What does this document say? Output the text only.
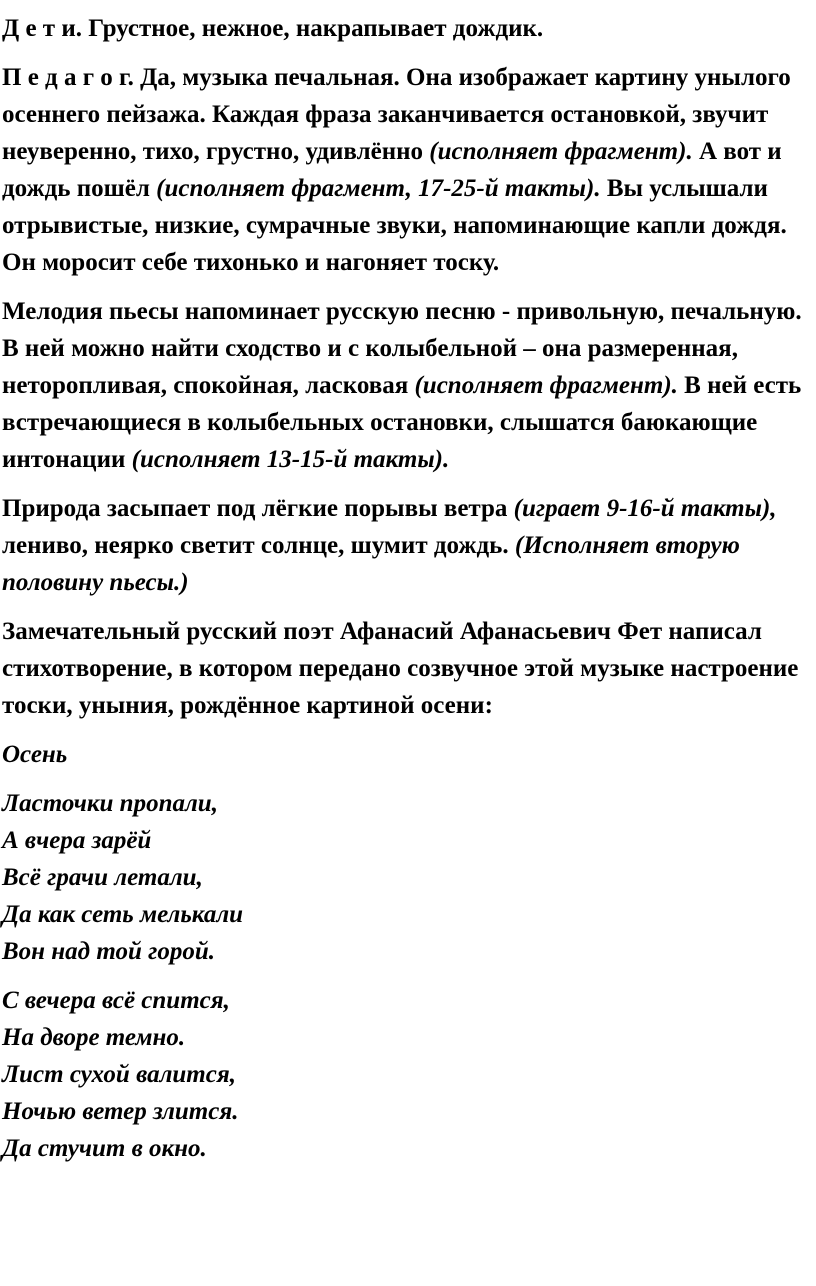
Д е т и. Грустное, нежное, накрапывает дождик.

П е д а г о г. Да, музыка печальная. Она изображает картину унылого осеннего пейзажа. Каждая фраза заканчивается остановкой, звучит неуверенно, тихо, грустно, удивлённо (исполняет фрагмент). А вот и дождь пошёл (исполняет фрагмент, 17-25-й такты). Вы услышали отрывистые, низкие, сумрачные звуки, напоминающие капли дождя. Он моросит себе тихонько и нагоняет тоску.

Мелодия пьесы напоминает русскую песню - привольную, печальную. В ней можно найти сходство и с колыбельной – она размеренная, неторопливая, спокойная, ласковая (исполняет фрагмент). В ней есть встречающиеся в колыбельных остановки, слышатся баюкающие интонации (исполняет 13-15-й такты).

Природа засыпает под лёгкие порывы ветра (играет 9-16-й такты), лениво, неярко светит солнце, шумит дождь. (Исполняет вторую половину пьесы.)

Замечательный русский поэт Афанасий Афанасьевич Фет написал стихотворение, в котором передано созвучное этой музыке настроение тоски, уныния, рождённое картиной осени:

Осень

Ласточки пропали,
А вчера зарёй
Всё грачи летали,
Да как сеть мелькали
Вон над той горой.
С вечера всё спится,
На дворе темно.
Лист сухой валится,
Ночью ветер злится.
Да стучит в окно.
